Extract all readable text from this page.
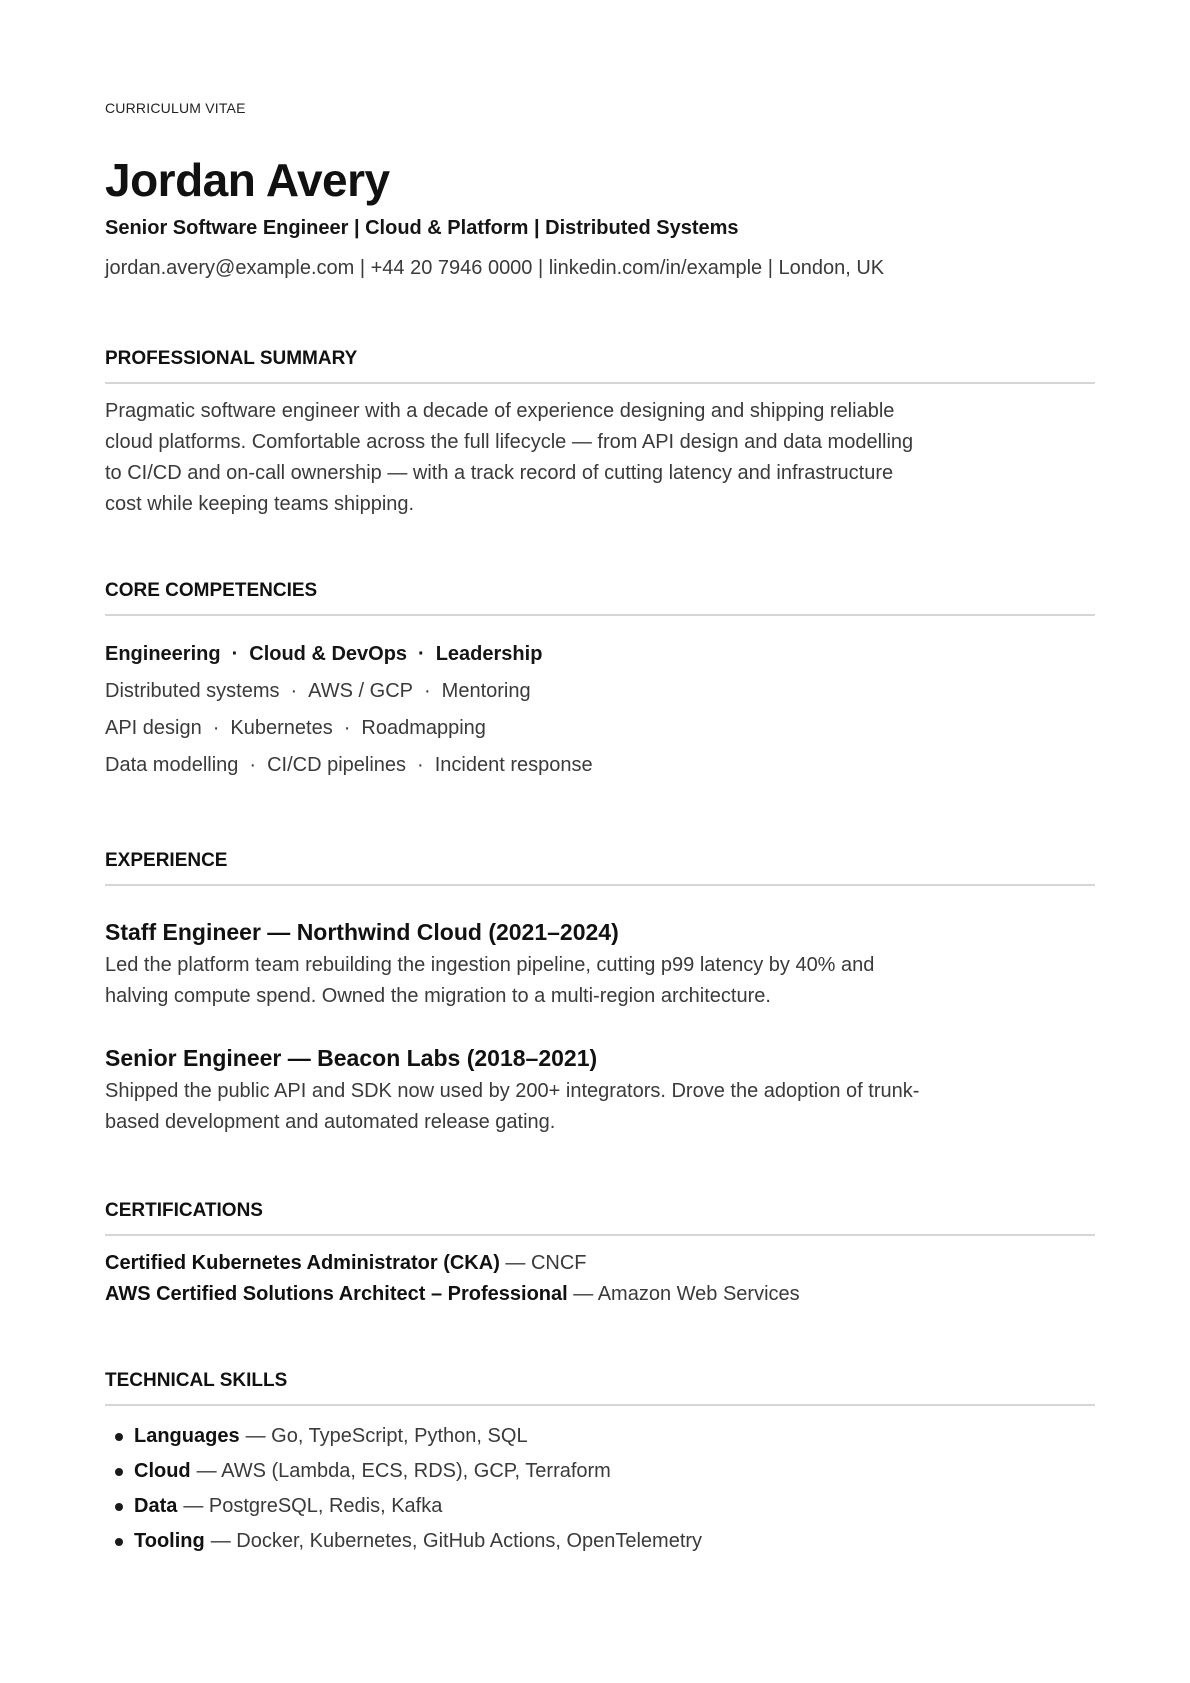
CURRICULUM VITAE
Jordan Avery
Senior Software Engineer | Cloud & Platform | Distributed Systems
jordan.avery@example.com | +44 20 7946 0000 | linkedin.com/in/example | London, UK
PROFESSIONAL SUMMARY

Pragmatic software engineer with a decade of experience designing and shipping reliable cloud platforms. Comfortable across the full lifecycle — from API design and data modelling to CI/CD and on-call ownership — with a track record of cutting latency and infrastructure cost while keeping teams shipping.

CORE COMPETENCIES
Engineering · Cloud & DevOps · Leadership
Distributed systems · AWS / GCP · Mentoring
API design · Kubernetes · Roadmapping
Data modelling · CI/CD pipelines · Incident response
EXPERIENCE
Staff Engineer — Northwind Cloud (2021–2024)

Led the platform team rebuilding the ingestion pipeline, cutting p99 latency by 40% and halving compute spend. Owned the migration to a multi-region architecture.

Senior Engineer — Beacon Labs (2018–2021)

Shipped the public API and SDK now used by 200+ integrators. Drove the adoption of trunk-based development and automated release gating.

CERTIFICATIONS
Certified Kubernetes Administrator (CKA) — CNCF
AWS Certified Solutions Architect – Professional — Amazon Web Services
TECHNICAL SKILLS
Languages — Go, TypeScript, Python, SQL
Cloud — AWS (Lambda, ECS, RDS), GCP, Terraform
Data — PostgreSQL, Redis, Kafka
Tooling — Docker, Kubernetes, GitHub Actions, OpenTelemetry
